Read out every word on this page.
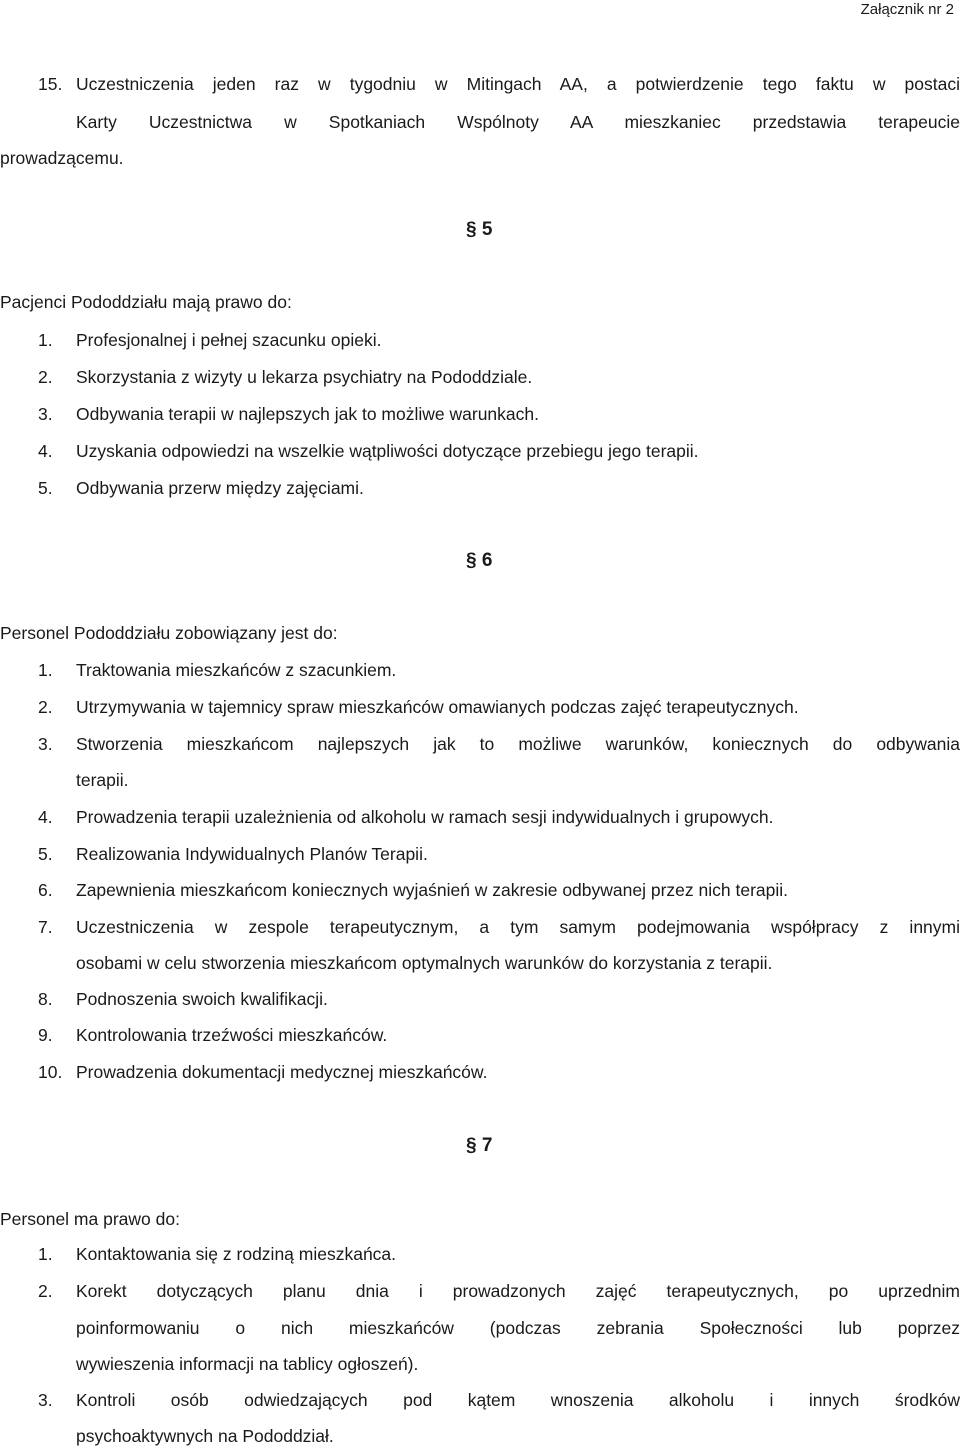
Załącznik nr 2
15. Uczestniczenia jeden raz w tygodniu w Mitingach AA, a potwierdzenie tego faktu w postaci
Karty Uczestnictwa w Spotkaniach Wspólnoty AA mieszkaniec przedstawia terapeucie
prowadzącemu.
§ 5
Pacjenci Pododdziału mają prawo do:
1. Profesjonalnej i pełnej szacunku opieki.
2. Skorzystania z wizyty u lekarza psychiatry na Pododdziale.
3. Odbywania terapii w najlepszych jak to możliwe warunkach.
4. Uzyskania odpowiedzi na wszelkie wątpliwości dotyczące przebiegu jego terapii.
5. Odbywania przerw między zajęciami.
§ 6
Personel Pododdziału zobowiązany jest do:
1. Traktowania mieszkańców z szacunkiem.
2. Utrzymywania w tajemnicy spraw mieszkańców omawianych podczas zajęć terapeutycznych.
3. Stworzenia mieszkańcom najlepszych jak to możliwe warunków, koniecznych do odbywania
terapii.
4. Prowadzenia terapii uzależnienia od alkoholu w ramach sesji indywidualnych i grupowych.
5. Realizowania Indywidualnych Planów Terapii.
6. Zapewnienia mieszkańcom koniecznych wyjaśnień w zakresie odbywanej przez nich terapii.
7. Uczestniczenia w zespole terapeutycznym, a tym samym podejmowania współpracy z innymi
osobami w celu stworzenia mieszkańcom optymalnych warunków do korzystania z terapii.
8. Podnoszenia swoich kwalifikacji.
9. Kontrolowania trzeźwości mieszkańców.
10. Prowadzenia dokumentacji medycznej mieszkańców.
§ 7
Personel ma prawo do:
1. Kontaktowania się z rodziną mieszkańca.
2. Korekt dotyczących planu dnia i prowadzonych zajęć terapeutycznych, po uprzednim
poinformowaniu o nich mieszkańców (podczas zebrania Społeczności lub poprzez
wywieszenia informacji na tablicy ogłoszeń).
3. Kontroli osób odwiedzających pod kątem wnoszenia alkoholu i innych środków
psychoaktywnych na Pododdział.
